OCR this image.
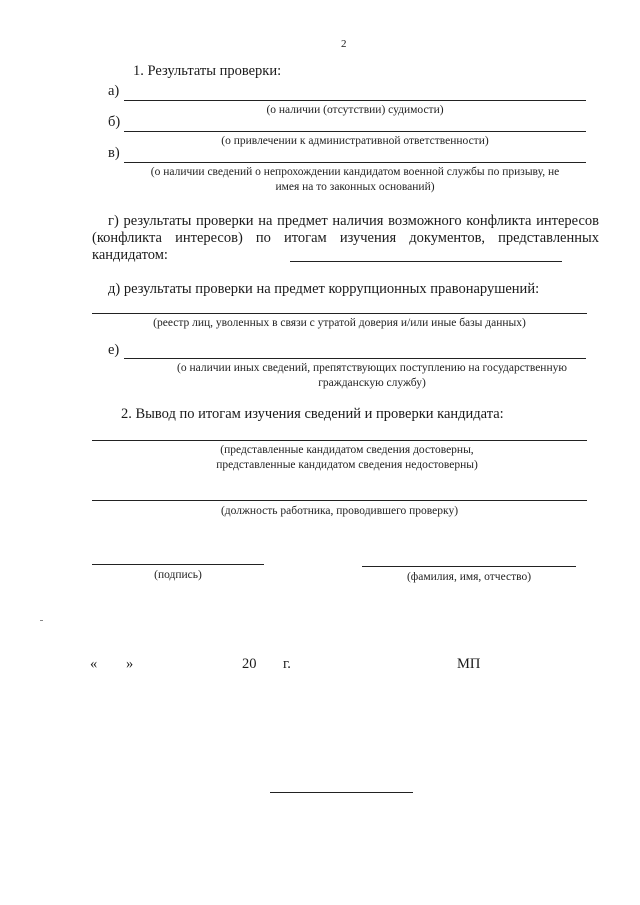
2
1. Результаты проверки:
а)
(о наличии (отсутствии) судимости)
б)
(о привлечении к административной ответственности)
в)
(о наличии сведений о непрохождении кандидатом военной службы по призыву, не
имея на то законных оснований)
г) результаты проверки на предмет наличия возможного конфликта интересов (конфликта интересов) по итогам изучения документов, представленных кандидатом:
д) результаты проверки на предмет коррупционных правонарушений:
(реестр лиц, уволенных в связи с утратой доверия и/или иные базы данных)
е)
(о наличии иных сведений, препятствующих поступлению на государственную
гражданскую службу)
2. Вывод по итогам изучения сведений и проверки кандидата:
(представленные кандидатом сведения достоверны,
представленные кандидатом сведения недостоверны)
(должность работника, проводившего проверку)
(подпись)	(фамилия, имя, отчество)
« »	20 г.	МП
